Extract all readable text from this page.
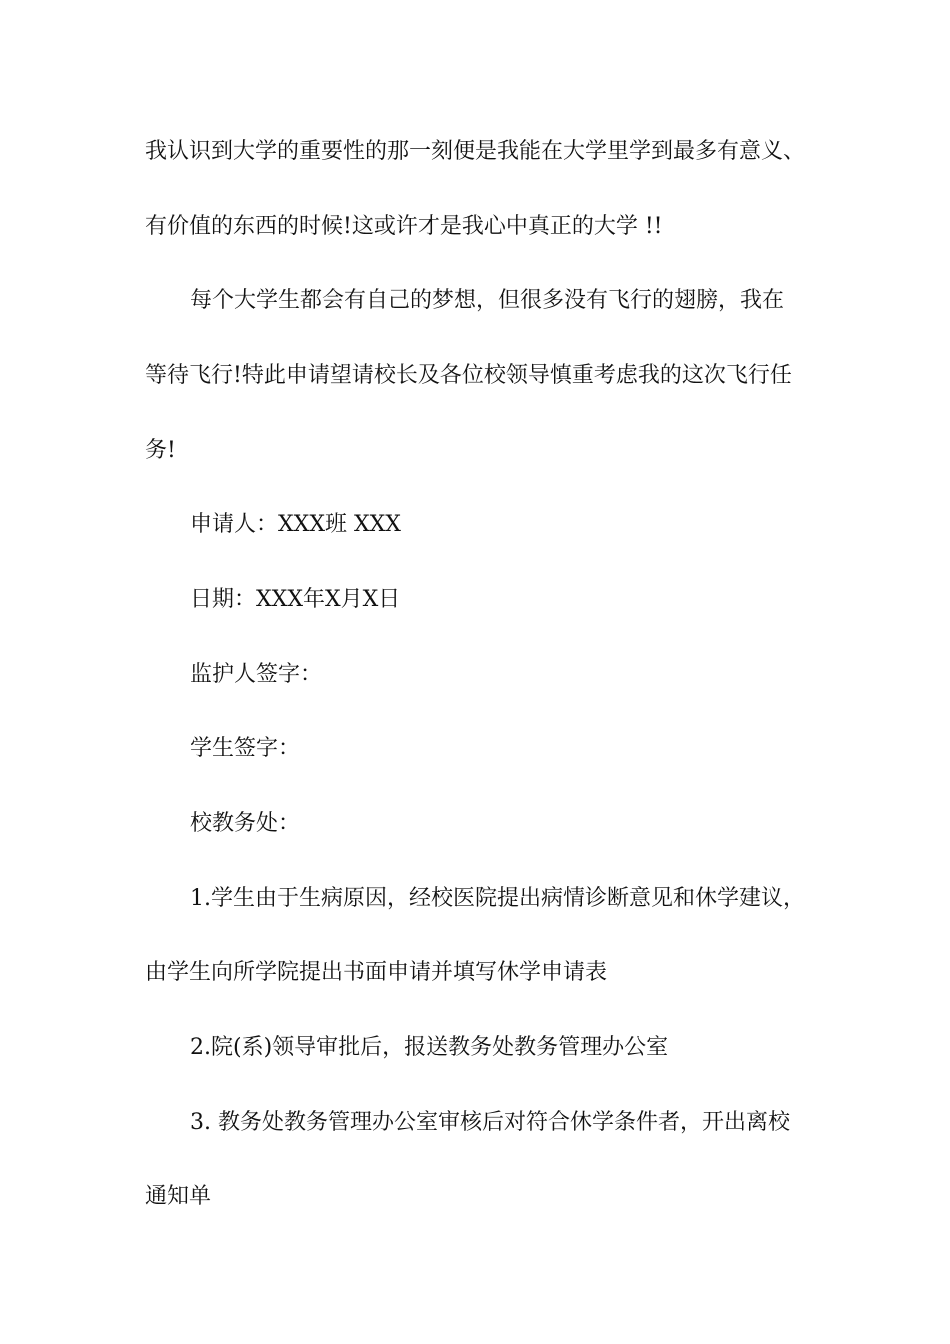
我认识到大学的重要性的那一刻便是我能在大学里学到最多有意义、
有价值的东西的时候!这或许才是我心中真正的大学 !!
每个大学生都会有自己的梦想，但很多没有飞行的翅膀，我在
等待飞行!特此申请望请校长及各位校领导慎重考虑我的这次飞行任
务!
申请人：XXX班 XXX
日期：XXX年X月X日
监护人签字：
学生签字：
校教务处：
1.学生由于生病原因，经校医院提出病情诊断意见和休学建议，
由学生向所学院提出书面申请并填写休学申请表
2.院(系)领导审批后，报送教务处教务管理办公室
3. 教务处教务管理办公室审核后对符合休学条件者，开出离校
通知单
